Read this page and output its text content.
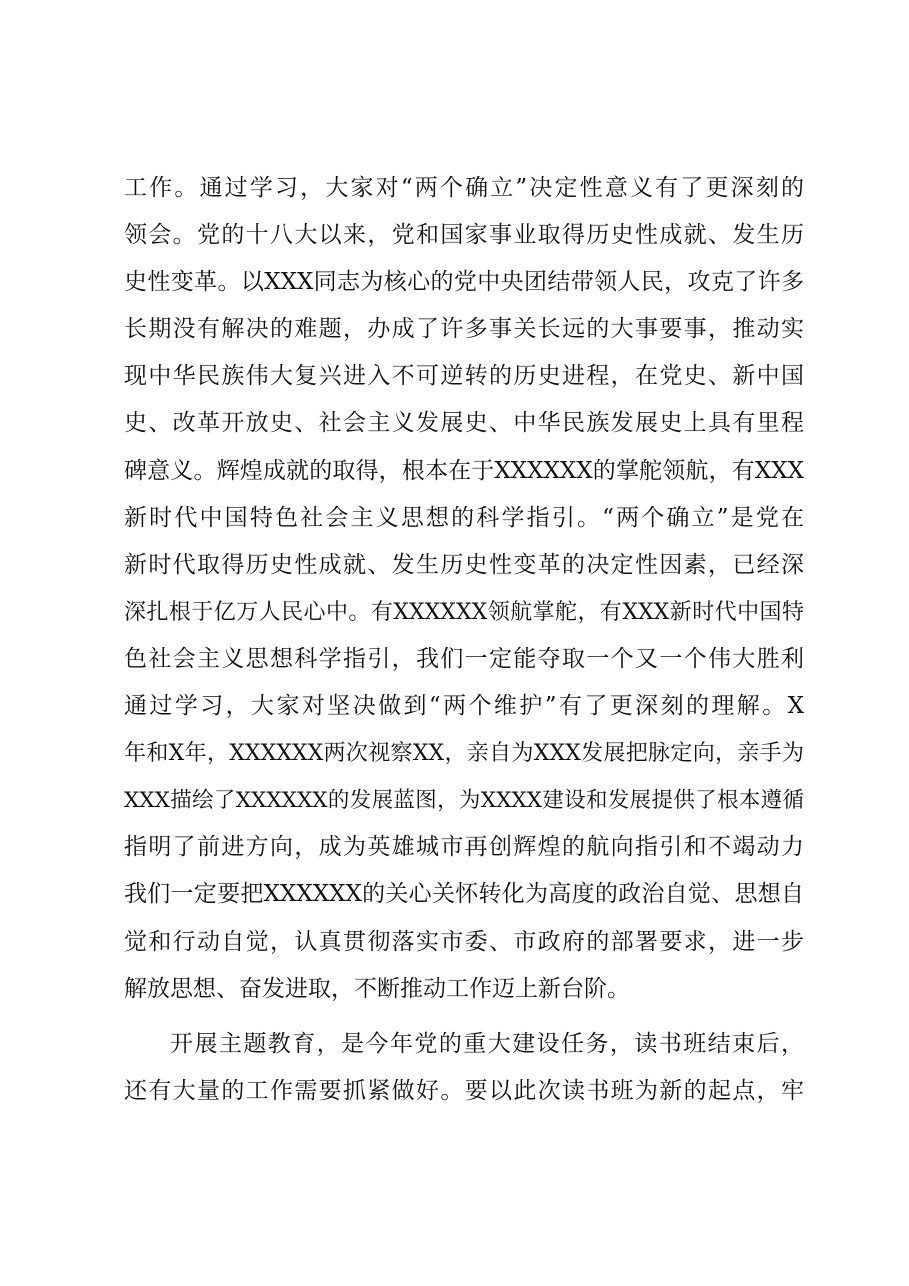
工作。通过学习，大家对“两个确立”决定性意义有了更深刻的
领会。党的十八大以来，党和国家事业取得历史性成就、发生历
史性变革。以XXX同志为核心的党中央团结带领人民，攻克了许多
长期没有解决的难题，办成了许多事关长远的大事要事，推动实
现中华民族伟大复兴进入不可逆转的历史进程，在党史、新中国
史、改革开放史、社会主义发展史、中华民族发展史上具有里程
碑意义。辉煌成就的取得，根本在于XXXXXX的掌舵领航，有XXX
新时代中国特色社会主义思想的科学指引。“两个确立”是党在
新时代取得历史性成就、发生历史性变革的决定性因素，已经深
深扎根于亿万人民心中。有XXXXXX领航掌舵，有XXX新时代中国特
色社会主义思想科学指引，我们一定能夺取一个又一个伟大胜利
通过学习，大家对坚决做到“两个维护”有了更深刻的理解。X
年和X年，XXXXXX两次视察XX，亲自为XXX发展把脉定向，亲手为
XXX描绘了XXXXXX的发展蓝图，为XXXX建设和发展提供了根本遵循
指明了前进方向，成为英雄城市再创辉煌的航向指引和不竭动力
我们一定要把XXXXXX的关心关怀转化为高度的政治自觉、思想自
觉和行动自觉，认真贯彻落实市委、市政府的部署要求，进一步
解放思想、奋发进取，不断推动工作迈上新台阶。
开展主题教育，是今年党的重大建设任务，读书班结束后，
还有大量的工作需要抓紧做好。要以此次读书班为新的起点，牢
